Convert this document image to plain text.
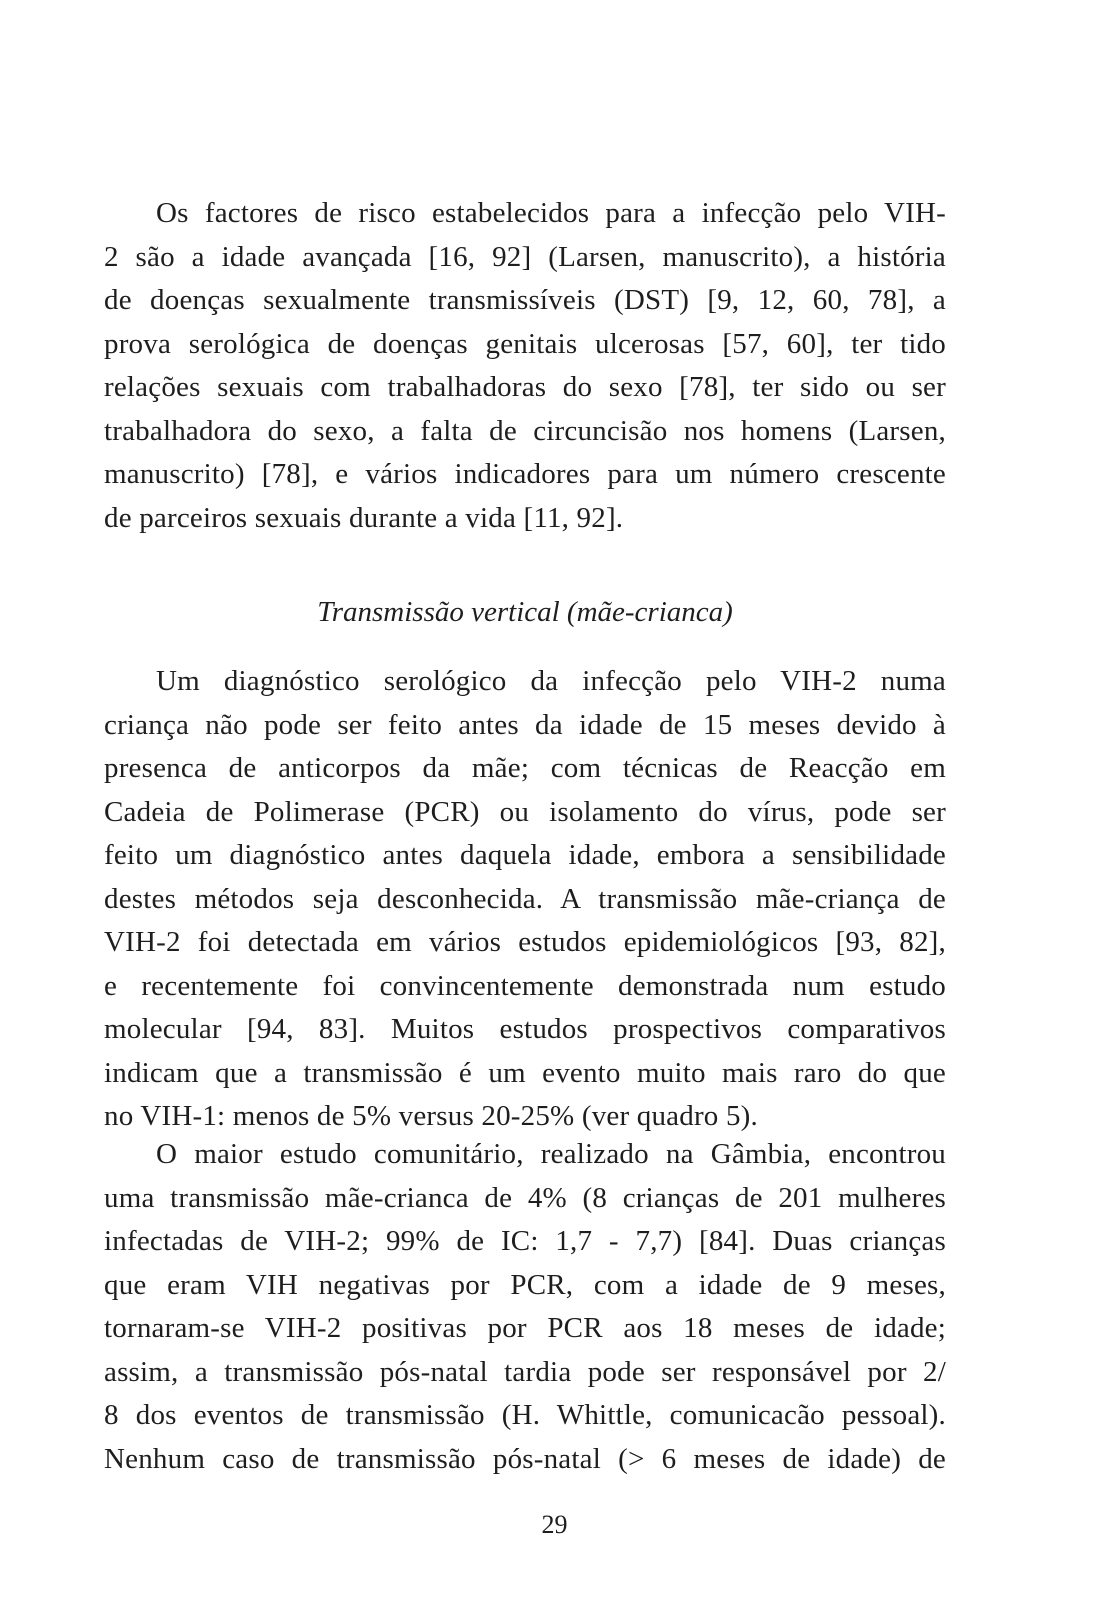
Os factores de risco estabelecidos para a infecção pelo VIH-
2 são a idade avançada [16, 92] (Larsen, manuscrito), a história
de doenças sexualmente transmissíveis (DST) [9, 12, 60, 78], a
prova serológica de doenças genitais ulcerosas [57, 60], ter tido
relações sexuais com trabalhadoras do sexo [78], ter sido ou ser
trabalhadora do sexo, a falta de circuncisão nos homens (Larsen,
manuscrito) [78], e vários indicadores para um número crescente
de parceiros sexuais durante a vida [11, 92].
Transmissão vertical (mãe-crianca)
Um diagnóstico serológico da infecção pelo VIH-2 numa
criança não pode ser feito antes da idade de 15 meses devido à
presenca de anticorpos da mãe; com técnicas de Reacção em
Cadeia de Polimerase (PCR) ou isolamento do vírus, pode ser
feito um diagnóstico antes daquela idade, embora a sensibilidade
destes métodos seja desconhecida. A transmissão mãe-criança de
VIH-2 foi detectada em vários estudos epidemiológicos [93, 82],
e recentemente foi convincentemente demonstrada num estudo
molecular [94, 83]. Muitos estudos prospectivos comparativos
indicam que a transmissão é um evento muito mais raro do que
no VIH-1: menos de 5% versus 20-25% (ver quadro 5).
O maior estudo comunitário, realizado na Gâmbia, encontrou
uma transmissão mãe-crianca de 4% (8 crianças de 201 mulheres
infectadas de VIH-2; 99% de IC: 1,7 - 7,7) [84]. Duas crianças
que eram VIH negativas por PCR, com a idade de 9 meses,
tornaram-se VIH-2 positivas por PCR aos 18 meses de idade;
assim, a transmissão pós-natal tardia pode ser responsável por 2/
8 dos eventos de transmissão (H. Whittle, comunicacão pessoal).
Nenhum caso de transmissão pós-natal (> 6 meses de idade) de
29
